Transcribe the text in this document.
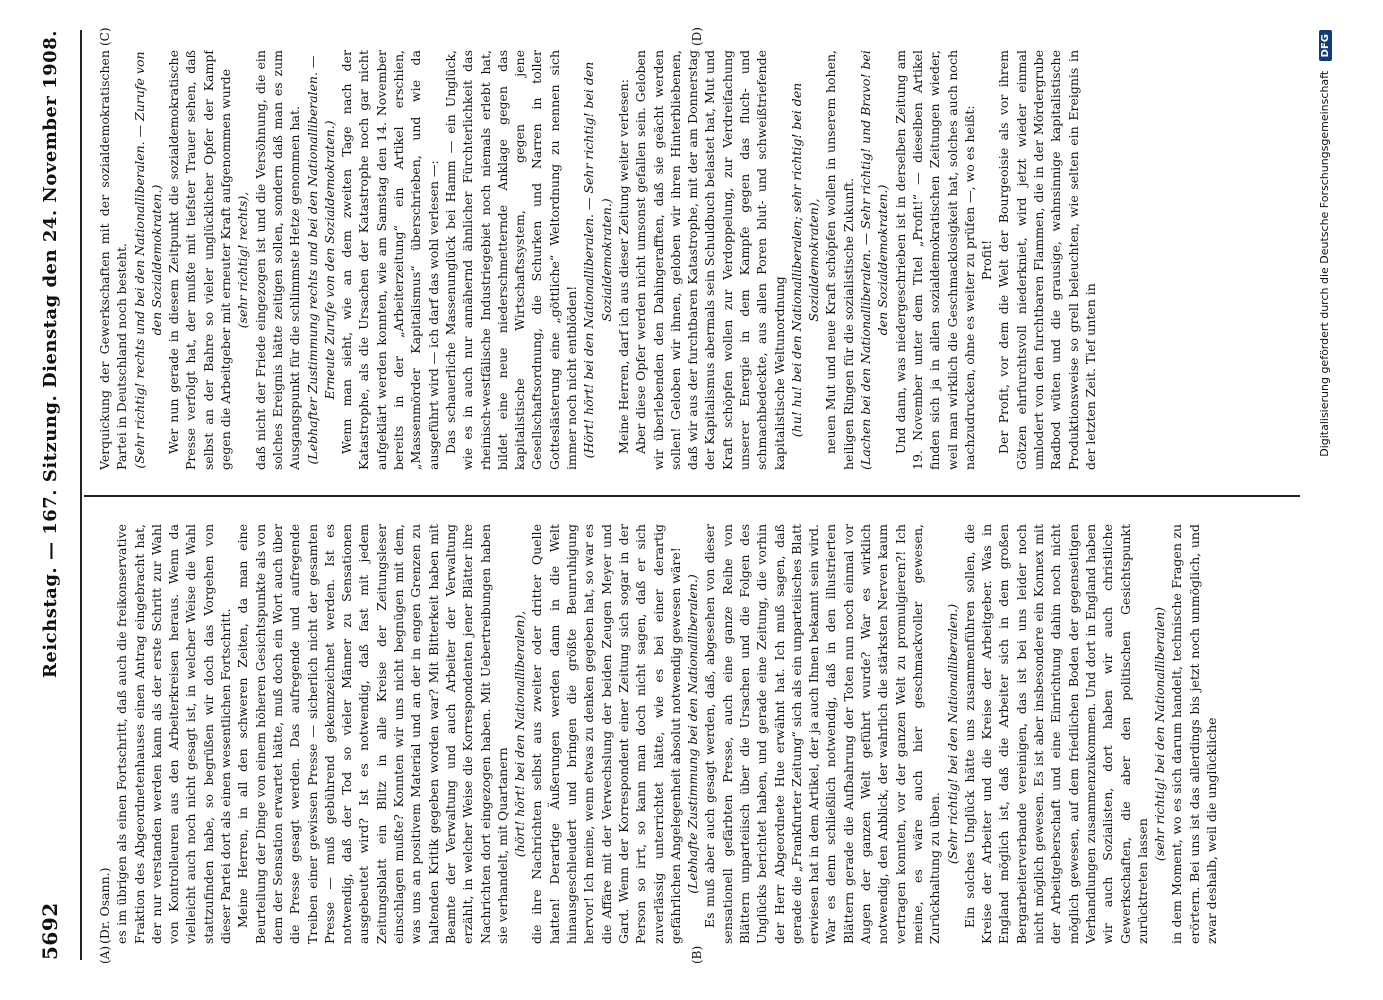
5692
Reichstag. — 167. Sitzung. Dienstag den 24. November 1908.
(A)	(B)
(C)	(D)

(Dr. Osann.) es im übrigen als einen Fortschritt, daß auch die freikonservative Fraktion des Abgeordnetenhauses einen Antrag eingebracht hat, der nur verstanden werden kann als der erste Schritt zur Wahl von Kontrolleuren aus den Arbeiterkreisen heraus. Wenn da vielleicht auch noch nicht gesagt ist, in welcher Weise die Wahl stattzufinden habe, so begrüßen wir doch das Vorgehen von dieser Partei dort als einen wesentlichen Fortschritt. Meine Herren, in all den schweren Zeiten, da man eine Beurteilung der Dinge von einem höheren Gesichtspunkte als von dem der Sensation erwartet hätte, muß doch ein Wort auch über die Presse gesagt werden. Das aufregende und aufregende Treiben einer gewissen Presse — sicherlich nicht der gesamten Presse — muß gebührend gekennzeichnet werden. Ist es notwendig, daß der Tod so vieler Männer zu Sensationen ausgebeutet wird? Ist es notwendig, daß fast mit jedem Zeitungsblatt ein Blitz in alle Kreise der Zeitungsleser einschlagen mußte? Konnten wir uns nicht begnügen mit dem, was uns an positivem Material und an der in engen Grenzen zu haltenden Kritik gegeben worden war? Mit Bitterkeit haben mit Beamte der Verwaltung und auch Arbeiter der Verwaltung erzählt, in welcher Weise die Korrespondenten jener Blätter ihre Nachrichten dort eingezogen haben. Mit Uebertreibungen haben sie verhandelt, mit Quartanern (hört! hört! bei den Nationalliberalen), die ihre Nachrichten selbst aus zweiter oder dritter Quelle hatten! Derartige Äußerungen werden dann in die Welt hinausgeschleudert und bringen die größte Beunruhigung hervor! Ich meine, wenn etwas zu denken gegeben hat, so war es die Affäre mit der Verwechslung der beiden Zeugen Meyer und Gard. Wenn der Korrespondent einer Zeitung sich sogar in der Person so irrt, so kann man doch nicht sagen, daß er sich zuverlässig unterrichtet hätte, wie es bei einer derartig gefährlichen Angelegenheit absolut notwendig gewesen wäre! (Lebhafte Zustimmung bei den Nationalliberalen.) Es muß aber auch gesagt werden, daß, abgesehen von dieser sensationell gefärbten Presse, auch eine ganze Reihe von Blättern unparteiisch über die Ursachen und die Folgen des Unglücks berichtet haben, und gerade eine Zeitung, die vorhin der Herr Abgeordnete Hue erwähnt hat. Ich muß sagen, daß gerade die „Frankfurter Zeitung“ sich als ein unparteiisches Blatt erwiesen hat in dem Artikel, der ja auch Ihnen bekannt sein wird. War es denn schließlich notwendig, daß in den illustrierten Blättern gerade die Aufbahrung der Toten nun noch einmal vor Augen der ganzen Welt geführt wurde? War es wirklich notwendig, den Anblick, der wahrlich die stärksten Nerven kaum vertragen konnten, vor der ganzen Welt zu promulgieren?! Ich meine, es wäre auch hier geschmackvoller gewesen, Zurückhaltung zu üben.

(Sehr richtig! bei den Nationalliberalen.) Ein solches Unglück hätte uns zusammenführen sollen, die Kreise der Arbeiter und die Kreise der Arbeitgeber. Was in England möglich ist, daß die Arbeiter sich in dem großen Bergarbeiterverbande vereinigen, das ist bei uns leider noch nicht möglich gewesen. Es ist aber insbesondere ein Konnex mit der Arbeitgeberschaft und eine Einrichtung dahin noch nicht möglich gewesen, auf dem friedlichen Boden der gegenseitigen Verhandlungen zusammenzukommen. Und dort in England haben wir auch Sozialisten, dort haben wir auch christliche Gewerkschaften, die aber den politischen Gesichtspunkt zurücktreten lassen

(sehr richtig! bei den Nationalliberalen) in dem Moment, wo es sich darum handelt, technische Fragen zu erörtern. Bei uns ist das allerdings bis jetzt noch unmöglich, und zwar deshalb, weil die unglückliche

Verquickung der Gewerkschaften mit der sozialdemokratischen Partei in Deutschland noch besteht. (Sehr richtig! rechts und bei den Nationalliberalen. — Zurufe von den Sozialdemokraten.) Wer nun gerade in diesem Zeitpunkt die sozialdemokratische Presse verfolgt hat, der mußte mit tiefster Trauer sehen, daß selbst an der Bahre so vieler unglücklicher Opfer der Kampf gegen die Arbeitgeber mit erneuter Kraft aufgenommen wurde (sehr richtig! rechts), daß nicht der Friede eingezogen ist und die Versöhnung, die ein solches Ereignis hätte zeitigen sollen, sondern daß man es zum Ausgangspunkt für die schlimmste Hetze genommen hat. (Lebhafter Zustimmung rechts und bei den Nationalliberalen. — Erneute Zurufe von den Sozialdemokraten.) Wenn man sieht, wie an dem zweiten Tage nach der Katastrophe, als die Ursachen der Katastrophe noch gar nicht aufgeklärt werden konnten, wie am Samstag den 14. November bereits in der „Arbeiterzeitung“ ein Artikel erschien, „Massenmörder Kapitalismus“ überschrieben, und wie da ausgeführt wird — ich darf das wohl verlesen —: Das schauerliche Massenunglück bei Hamm — ein Unglück, wie es in auch nur annähernd ähnlicher Fürchterlichkeit das rheinisch-westfälische Industriegebiet noch niemals erlebt hat, bildet eine neue niederschmetternde Anklage gegen das kapitalistische Wirtschaftssystem, gegen jene Gesellschaftsordnung, die Schurken und Narren in toller Gotteslästerung eine „göttliche“ Weltordnung zu nennen sich immer noch nicht entblöden! (Hört! hört! bei den Nationalliberalen. — Sehr richtig! bei den Sozialdemokraten.) Meine Herren, darf ich aus dieser Zeitung weiter verlesen: Aber diese Opfer werden nicht umsonst gefallen sein. Geloben wir überlebenden den Dahingerafften, daß sie geächt werden sollen! Geloben wir ihnen, geloben wir ihren Hinterbliebenen, daß wir aus der furchtbaren Katastrophe, mit der am Donnerstag der Kapitalismus abermals sein Schuldbuch belastet hat, Mut und Kraft schöpfen wollen zur Verdoppelung, zur Verdreifachung unserer Energie in dem Kampfe gegen das fluch- und schmachbedeckte, aus allen Poren blut- und schweißtriefende kapitalistische Weltunordnung (hu! hu! bei den Nationalliberalen; sehr richtig! bei den Sozialdemokraten), neuen Mut und neue Kraft schöpfen wollen in unserem hohen, heiligen Ringen für die sozialistische Zukunft. (Lachen bei den Nationalliberalen. — Sehr richtig! und Bravo! bei den Sozialdemokraten.) Und dann, was niedergeschrieben ist in derselben Zeitung am 19. November unter dem Titel „Profit!“ — dieselben Artikel finden sich ja in allen sozialdemokratischen Zeitungen wieder, weil man wirklich die Geschmacklosigkeit hat, solches auch noch nachzudrucken, ohne es weiter zu prüfen —, wo es heißt: Profit! Der Profit, vor dem die Welt der Bourgeoisie als vor ihrem Götzen ehrfurchtsvoll niederkniet, wird jetzt wieder einmal umlodert von den furchtbaren Flammen, die in der Mördergrube Radbod wüten und die grausige, wahnsinnige kapitalistische Produktionsweise so grell beleuchten, wie selten ein Ereignis in der letzten Zeit. Tief unten in	Digitalisierung gefördert durch die Deutsche Forschungsgemeinschaft DFG
